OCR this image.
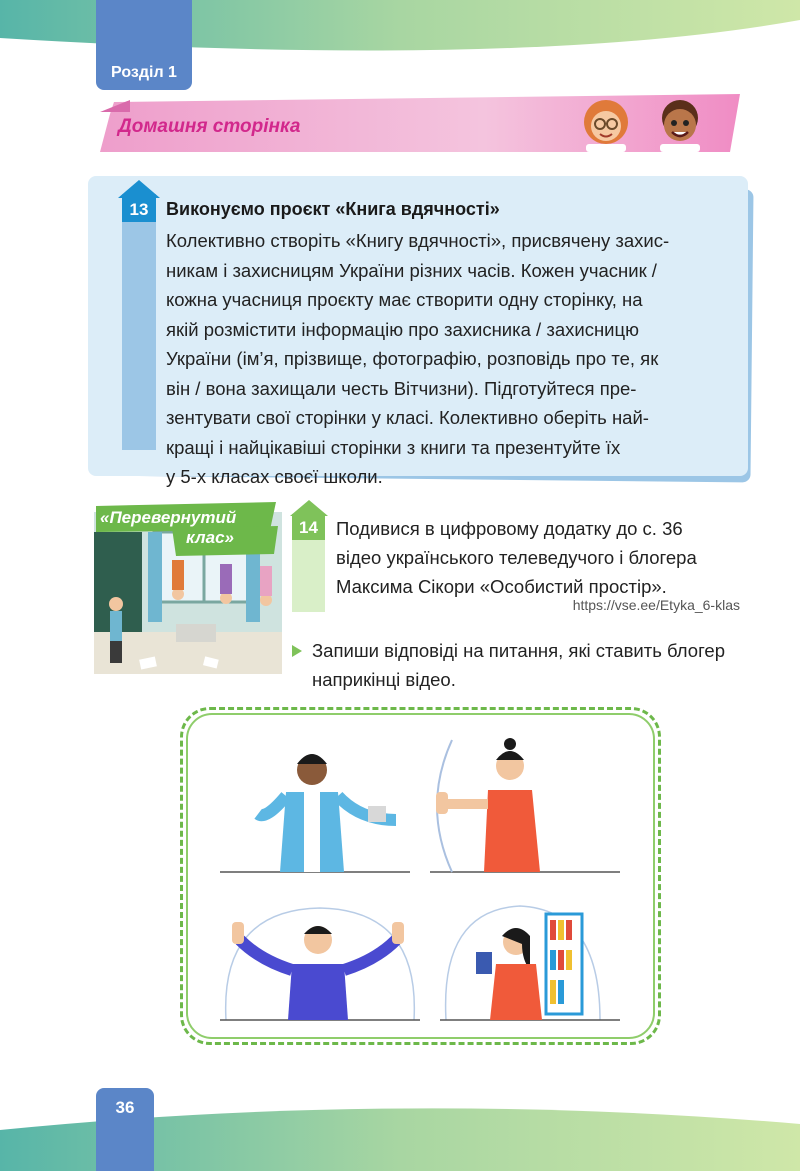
Розділ 1
Домашня сторінка
13 Виконуємо проєкт «Книга вдячності»
Колективно створіть «Книгу вдячності», присвячену захис-
никам і захисницям України різних часів. Кожен учасник /
кожна учасниця проєкту має створити одну сторінку, на
якій розмістити інформацію про захисника / захисницю
України (ім’я, прізвище, фотографію, розповідь про те, як
він / вона захищали честь Вітчизни). Підготуйтеся пре-
зентувати свої сторінки у класі. Колективно оберіть най-
кращі і найцікавіші сторінки з книги та презентуйте їх
у 5-х класах своєї школи.
«Перевернутий
клас»
14 Подивися в цифровому додатку до с. 36
відео українського телеведучого і блогера
Максима Сікори «Особистий простір».
https://vse.ee/Etyka_6-klas
Запиши відповіді на питання, які ставить блогер
наприкінці відео.
36
